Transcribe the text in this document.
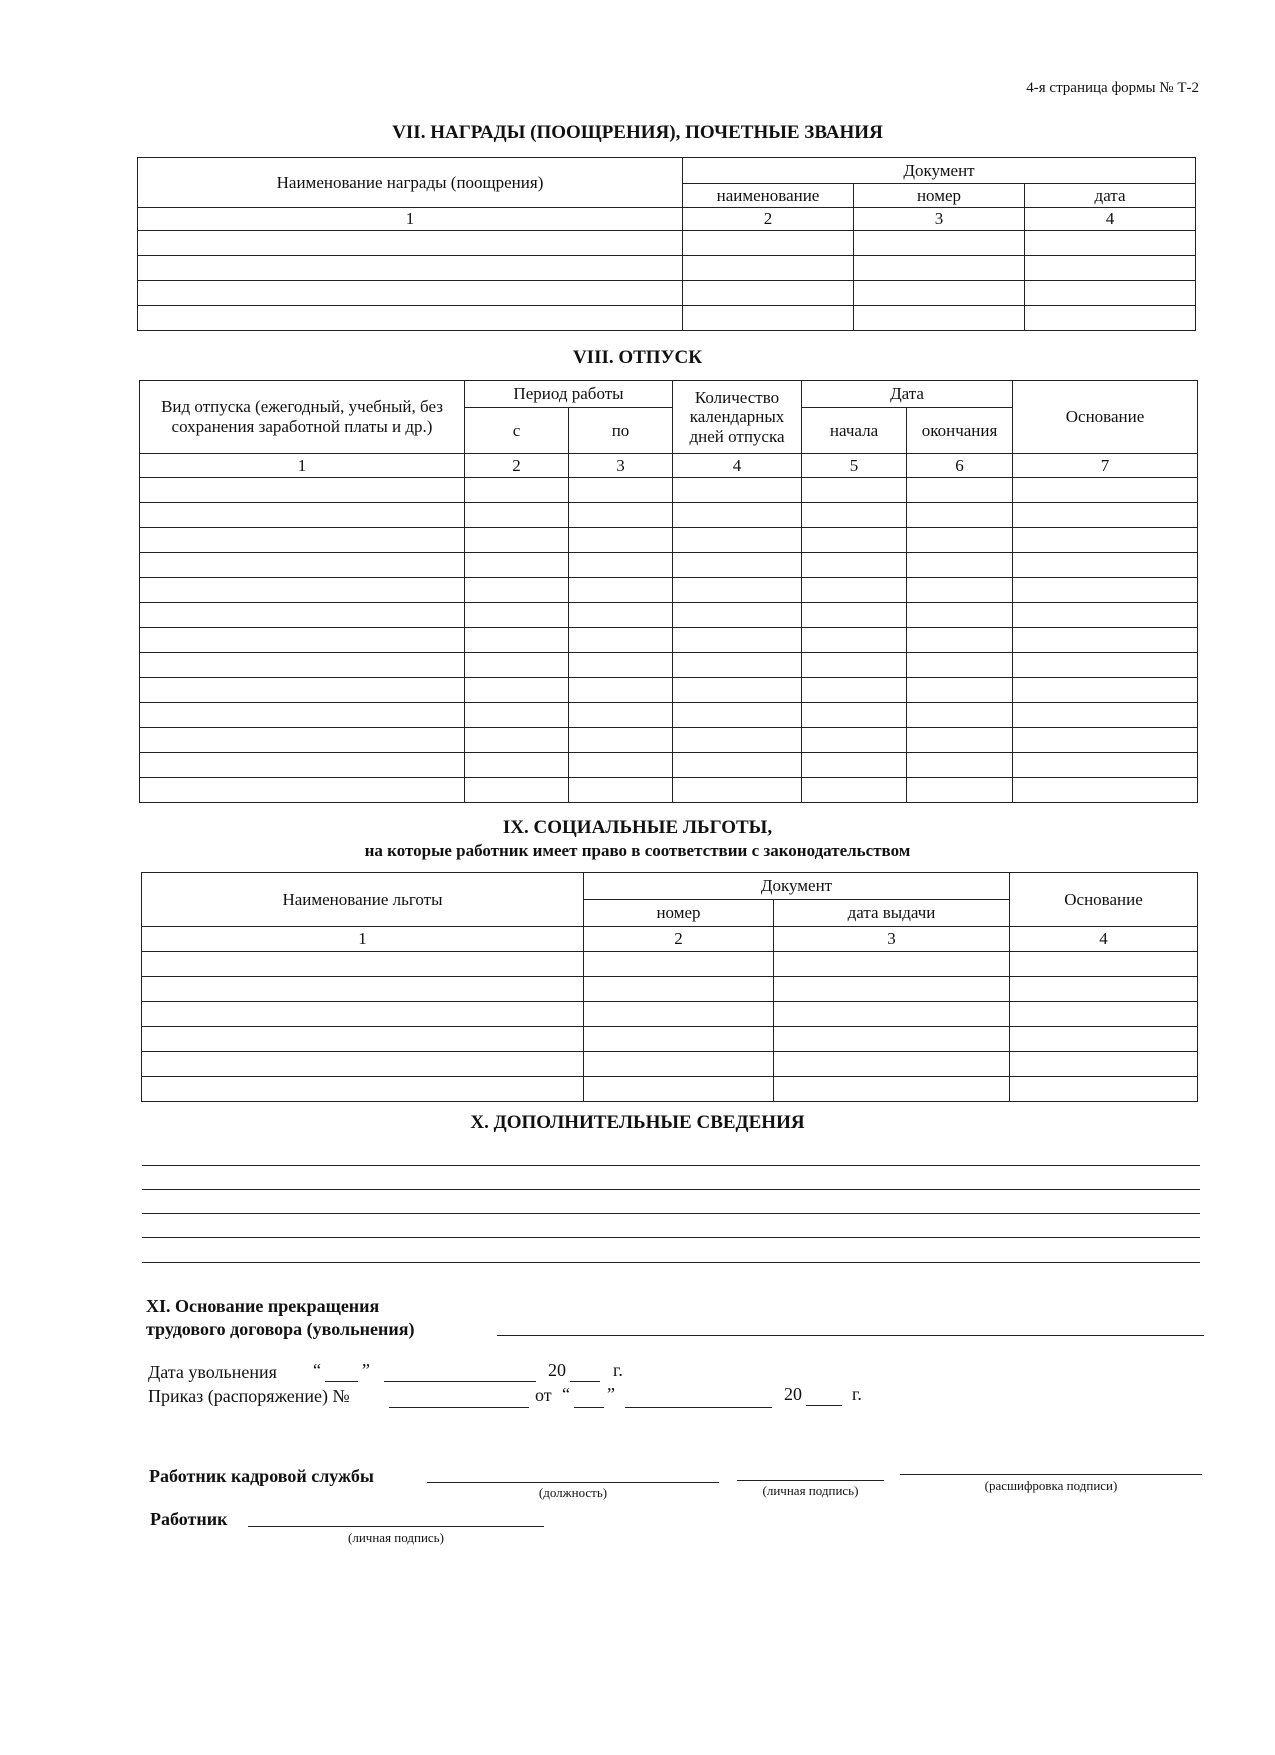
4-я страница формы № Т-2
VII. НАГРАДЫ (ПООЩРЕНИЯ), ПОЧЕТНЫЕ ЗВАНИЯ
Наименование награды (поощрения)	Документ		
	наименование	номер	дата
1	2	3	4

VIII. ОТПУСК
Вид отпуска (ежегодный, учебный, без сохранения заработной платы и др.)	Период работы		Количество календарных дней отпуска	Дата		Основание
	с	по		начала	окончания	
1	2	3	4	5	6	7

IX. СОЦИАЛЬНЫЕ ЛЬГОТЫ,
на которые работник имеет право в соответствии с законодательством
Наименование льготы	Документ		Основание
	номер	дата выдачи	
1	2	3	4

X. ДОПОЛНИТЕЛЬНЫЕ СВЕДЕНИЯ
XI. Основание прекращения
трудового договора (увольнения)
Дата увольнения “ ”	20	г.
Приказ (распоряжение) №	от “ ”	20	г.
Работник кадровой службы
(должность)	(личная подпись)	(расшифровка подписи)
Работник
(личная подпись)
